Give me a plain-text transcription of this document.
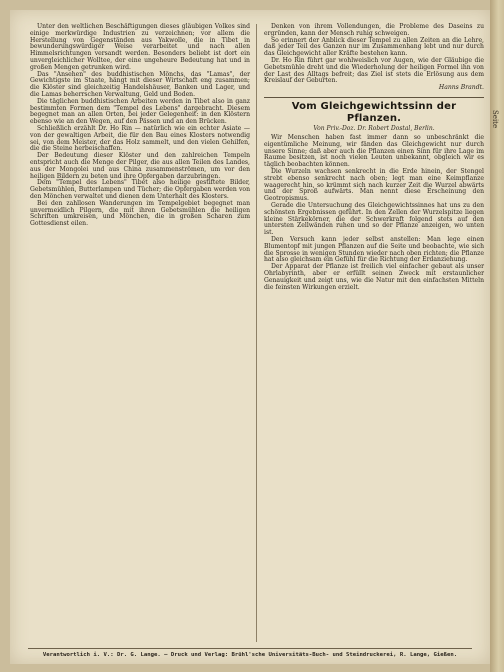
Seite

Unter den weltlichen Beschäftigungen dieses gläubigen Volkes sind einige merkwürdige Industrien zu verzeichnen; vor allem die Herstellung von Gegenständen aus Yakwolle, die in Tibet in bewunderungswürdiger Weise verarbeitet und nach allen Himmelsrichtungen versandt werden. Besonders beliebt ist dort ein unvergleichlicher Wolltee, der eine ungeheure Bedeutung hat und in großen Mengen getrunken wird.

Das "Ansehen" des buddhistischen Mönchs, das "Lamas", der Gewichtigste im Staate, hängt mit dieser Wirtschaft eng zusammen; die Klöster sind gleichzeitig Handelshäuser, Banken und Lager, und die Lamas beherrschen Verwaltung, Geld und Boden.

Die täglichen buddhistischen Arbeiten werden in Tibet also in ganz bestimmten Formen dem "Tempel des Lebens" dargebracht. Diesem begegnet man an allen Orten, bei jeder Gelegenheit: in den Klöstern ebenso wie an den Wegen, auf den Pässen und an den Brücken.

Schließlich erzählt Dr. Ho Rin — natürlich wie ein echter Asiate — von der gewaltigen Arbeit, die für den Bau eines Klosters notwendig sei, von dem Meister, der das Holz sammelt, und den vielen Gehilfen, die die Steine herbeischaffen.

Der Bedeutung dieser Klöster und den zahlreichen Tempeln entspricht auch die Menge der Pilger, die aus allen Teilen des Landes, aus der Mongolei und aus China zusammenströmen, um vor den heiligen Bildern zu beten und ihre Opfergaben darzubringen.

Dem "Tempel des Lebens" Tibet also heilige gestiftete Bilder, Gebetsmühlen, Butterlampen und Tücher; die Opfergaben werden von den Mönchen verwaltet und dienen dem Unterhalt des Klosters.

Bei den zahllosen Wanderungen im Tempelgebiet begegnet man unvermeidlich Pilgern, die mit ihren Gebetsmühlen die heiligen Schriften umkreisen, und Mönchen, die in großen Scharen zum Gottesdienst eilen.

Denken von ihrem Vollendungen, die Probleme des Daseins zu ergründen, kann der Mensch ruhig schweigen.

So erinnert der Anblick dieser Tempel zu allen Zeiten an die Lehre, daß jeder Teil des Ganzen nur im Zusammenhang lebt und nur durch das Gleichgewicht aller Kräfte bestehen kann.

Dr. Ho Rin führt gar wohlweislich vor Augen, wie der Gläubige die Gebetsmühle dreht und die Wiederholung der heiligen Formel ihn von der Last des Alltags befreit; das Ziel ist stets die Erlösung aus dem Kreislauf der Geburten.

Hanns Brandt.

Vom Gleichgewichtssinn der Pflanzen.
Von Priv.-Doz. Dr. Robert Dostal, Berlin.

Wir Menschen haben fast immer dann so unbeschränkt die eigentümliche Meinung, wir fänden das Gleichgewicht nur durch unsere Sinne; daß aber auch die Pflanzen einen Sinn für ihre Lage im Raume besitzen, ist noch vielen Leuten unbekannt, obgleich wir es täglich beobachten können.

Die Wurzeln wachsen senkrecht in die Erde hinein, der Stengel strebt ebenso senkrecht nach oben; legt man eine Keimpflanze waagerecht hin, so krümmt sich nach kurzer Zeit die Wurzel abwärts und der Sproß aufwärts. Man nennt diese Erscheinung den Geotropismus.

Gerade die Untersuchung des Gleichgewichtssinnes hat uns zu den schönsten Ergebnissen geführt. In den Zellen der Wurzelspitze liegen kleine Stärkekörner, die der Schwerkraft folgend stets auf den untersten Zellwänden ruhen und so der Pflanze anzeigen, wo unten ist.

Den Versuch kann jeder selbst anstellen: Man lege einen Blumentopf mit jungen Pflanzen auf die Seite und beobachte, wie sich die Sprosse in wenigen Stunden wieder nach oben richten; die Pflanze hat also gleichsam ein Gefühl für die Richtung der Erdanziehung.

Der Apparat der Pflanze ist freilich viel einfacher gebaut als unser Ohrlabyrinth, aber er erfüllt seinen Zweck mit erstaunlicher Genauigkeit und zeigt uns, wie die Natur mit den einfachsten Mitteln die feinsten Wirkungen erzielt.

Verantwortlich i. V.: Dr. G. Lange. – Druck und Verlag: Brühl'sche Universitäts-Buch- und Steindruckerei, R. Lange, Gießen.
